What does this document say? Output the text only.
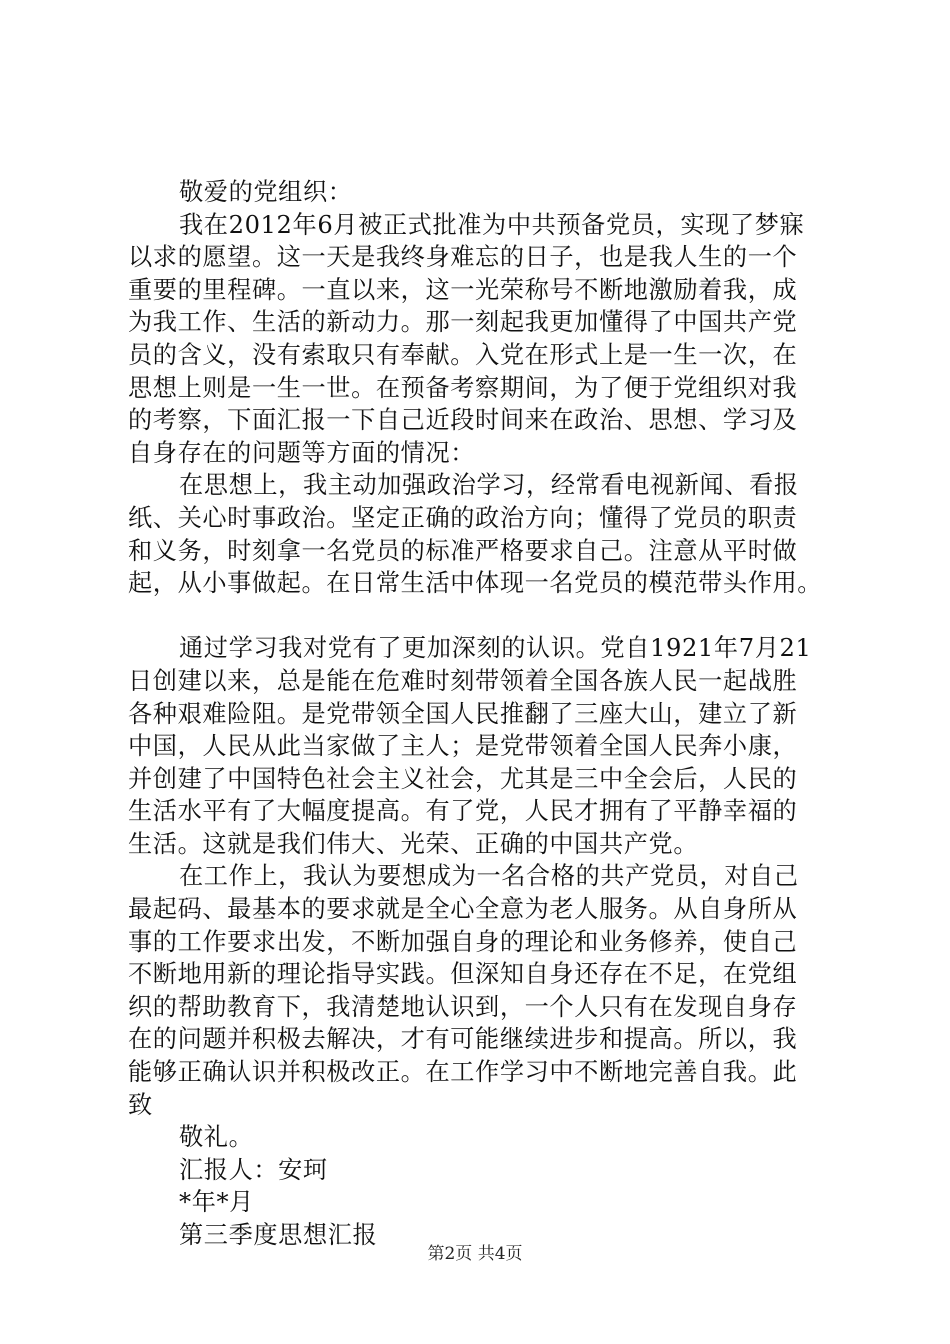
敬爱的党组织：
我在2012年6月被正式批准为中共预备党员，实现了梦寐
以求的愿望。这一天是我终身难忘的日子，也是我人生的一个
重要的里程碑。一直以来，这一光荣称号不断地激励着我，成
为我工作、生活的新动力。那一刻起我更加懂得了中国共产党
员的含义，没有索取只有奉献。入党在形式上是一生一次，在
思想上则是一生一世。在预备考察期间，为了便于党组织对我
的考察，下面汇报一下自己近段时间来在政治、思想、学习及
自身存在的问题等方面的情况：
在思想上，我主动加强政治学习，经常看电视新闻、看报
纸、关心时事政治。坚定正确的政治方向；懂得了党员的职责
和义务，时刻拿一名党员的标准严格要求自己。注意从平时做
起，从小事做起。在日常生活中体现一名党员的模范带头作用。
通过学习我对党有了更加深刻的认识。党自1921年7月21
日创建以来，总是能在危难时刻带领着全国各族人民一起战胜
各种艰难险阻。是党带领全国人民推翻了三座大山，建立了新
中国，人民从此当家做了主人；是党带领着全国人民奔小康，
并创建了中国特色社会主义社会，尤其是三中全会后，人民的
生活水平有了大幅度提高。有了党，人民才拥有了平静幸福的
生活。这就是我们伟大、光荣、正确的中国共产党。
在工作上，我认为要想成为一名合格的共产党员，对自己
最起码、最基本的要求就是全心全意为老人服务。从自身所从
事的工作要求出发，不断加强自身的理论和业务修养，使自己
不断地用新的理论指导实践。但深知自身还存在不足，在党组
织的帮助教育下，我清楚地认识到，一个人只有在发现自身存
在的问题并积极去解决，才有可能继续进步和提高。所以，我
能够正确认识并积极改正。在工作学习中不断地完善自我。此
致
敬礼。
汇报人：安珂
*年*月
第三季度思想汇报
第2页 共4页
